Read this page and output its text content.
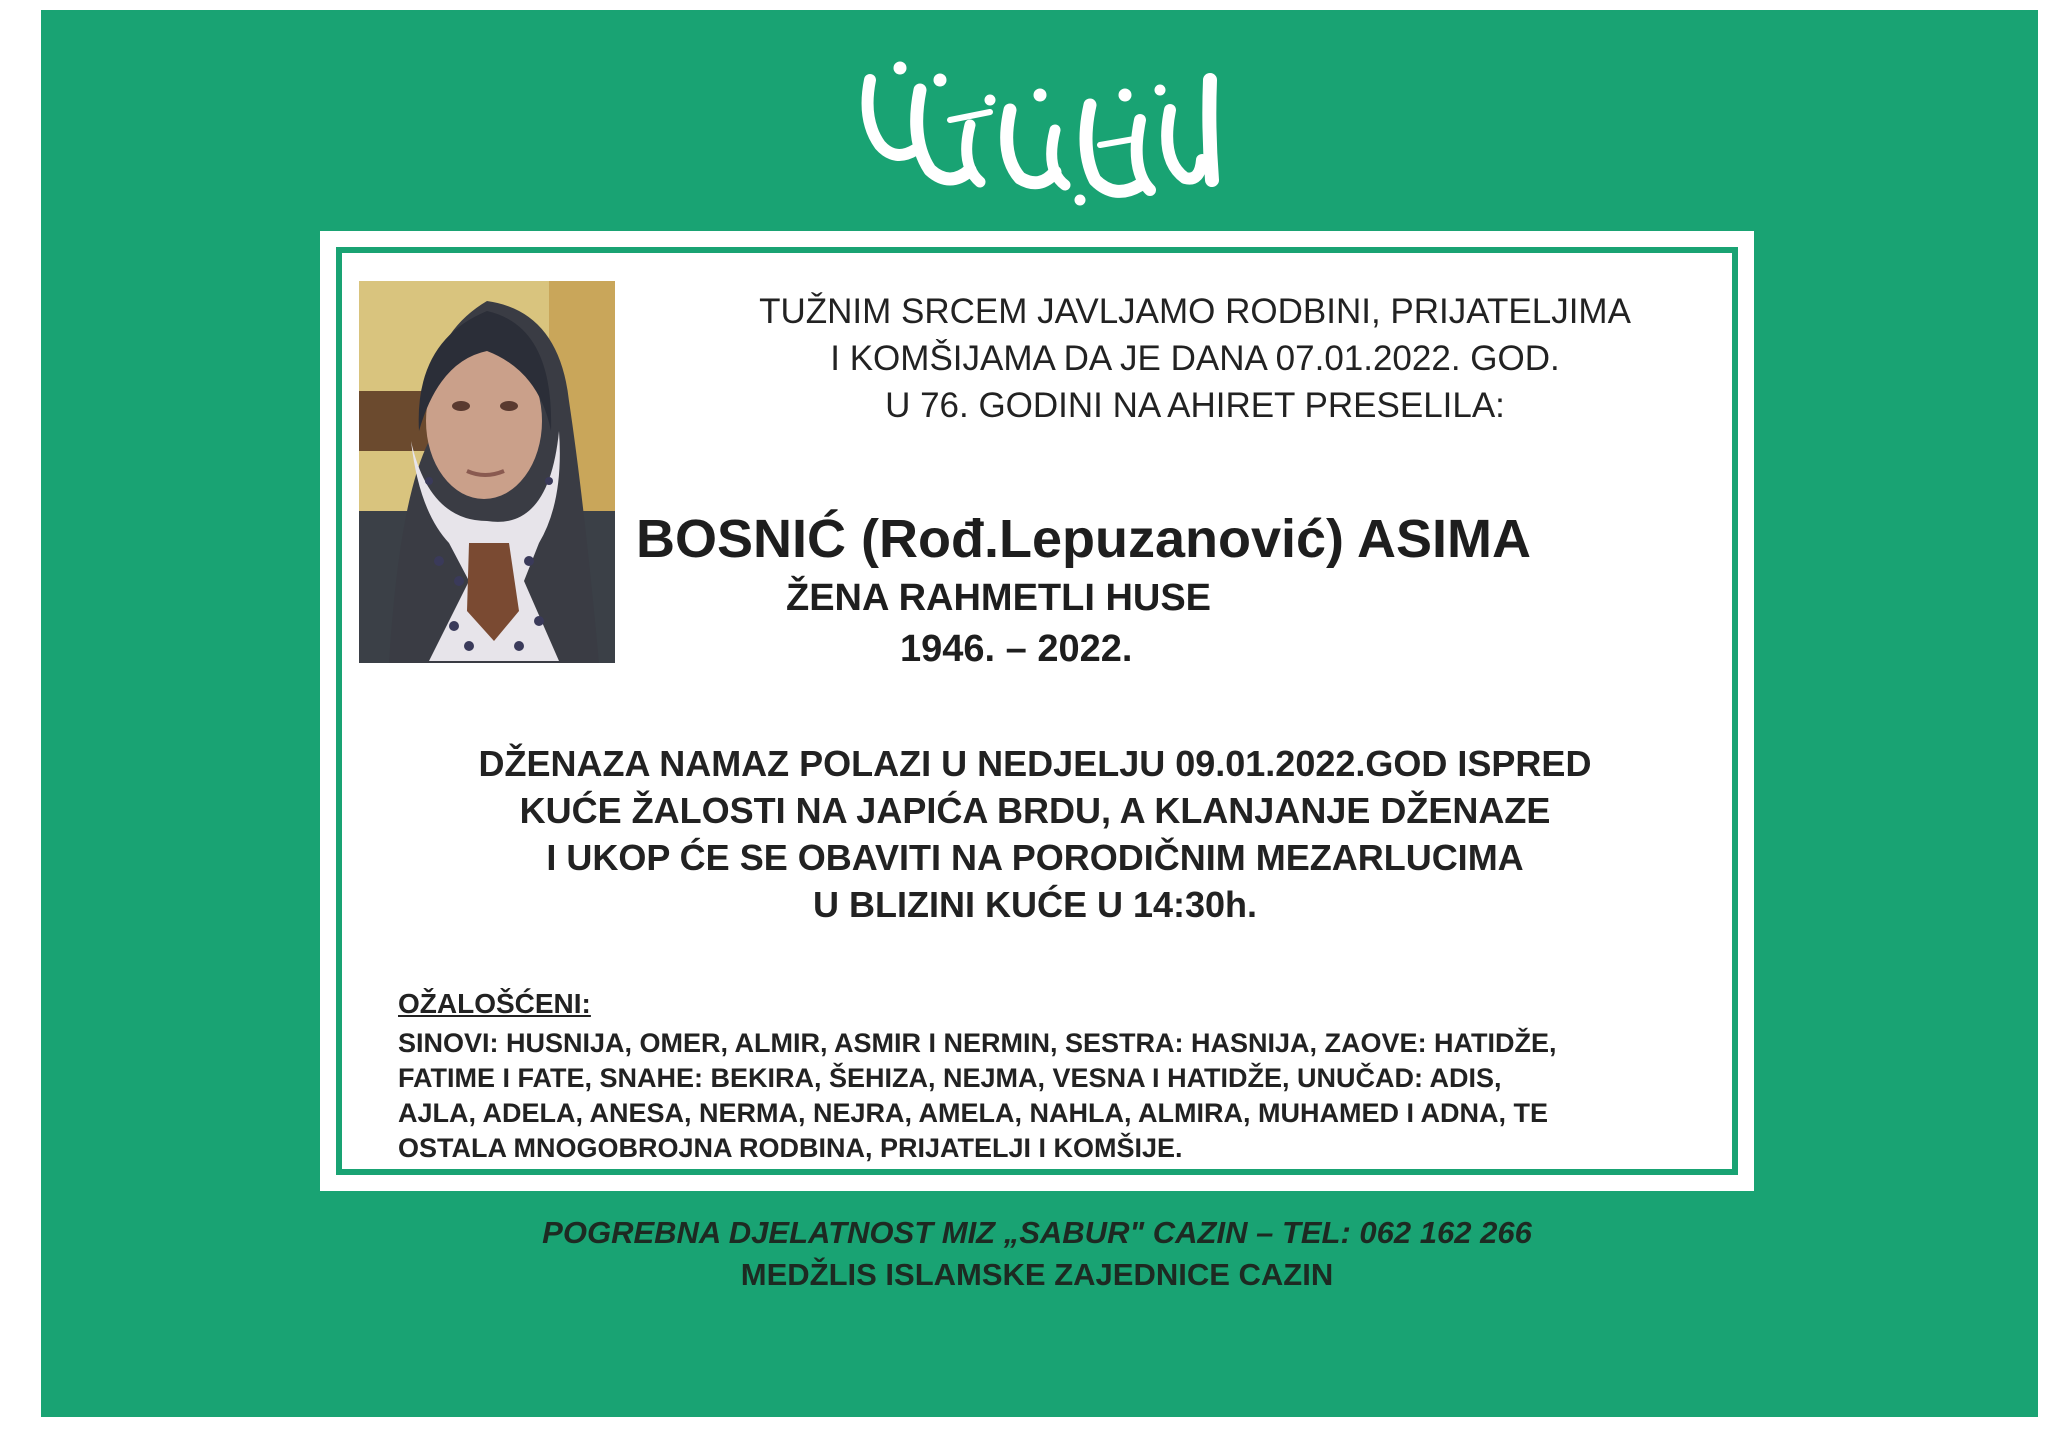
TUŽNIM SRCEM JAVLJAMO RODBINI, PRIJATELJIMA
I KOMŠIJAMA DA JE DANA 07.01.2022. GOD.
U 76. GODINI NA AHIRET PRESELILA:
BOSNIĆ (Rođ.Lepuzanović) ASIMA
ŽENA RAHMETLI HUSE
1946. – 2022.
DŽENAZA NAMAZ POLAZI U NEDJELJU 09.01.2022.GOD ISPRED
KUĆE ŽALOSTI NA JAPIĆA BRDU, A KLANJANJE DŽENAZE
I UKOP ĆE SE OBAVITI NA PORODIČNIM MEZARLUCIMA
U BLIZINI KUĆE U 14:30h.
OŽALOŠĆENI:
SINOVI: HUSNIJA, OMER, ALMIR, ASMIR I NERMIN, SESTRA: HASNIJA, ZAOVE: HATIDŽE,
FATIME I FATE, SNAHE: BEKIRA, ŠEHIZA, NEJMA, VESNA I HATIDŽE, UNUČAD: ADIS,
AJLA, ADELA, ANESA, NERMA, NEJRA, AMELA, NAHLA, ALMIRA, MUHAMED I ADNA, TE
OSTALA MNOGOBROJNA RODBINA, PRIJATELJI I KOMŠIJE.
POGREBNA DJELATNOST MIZ „SABUR" CAZIN – TEL: 062 162 266
MEDŽLIS ISLAMSKE ZAJEDNICE CAZIN
